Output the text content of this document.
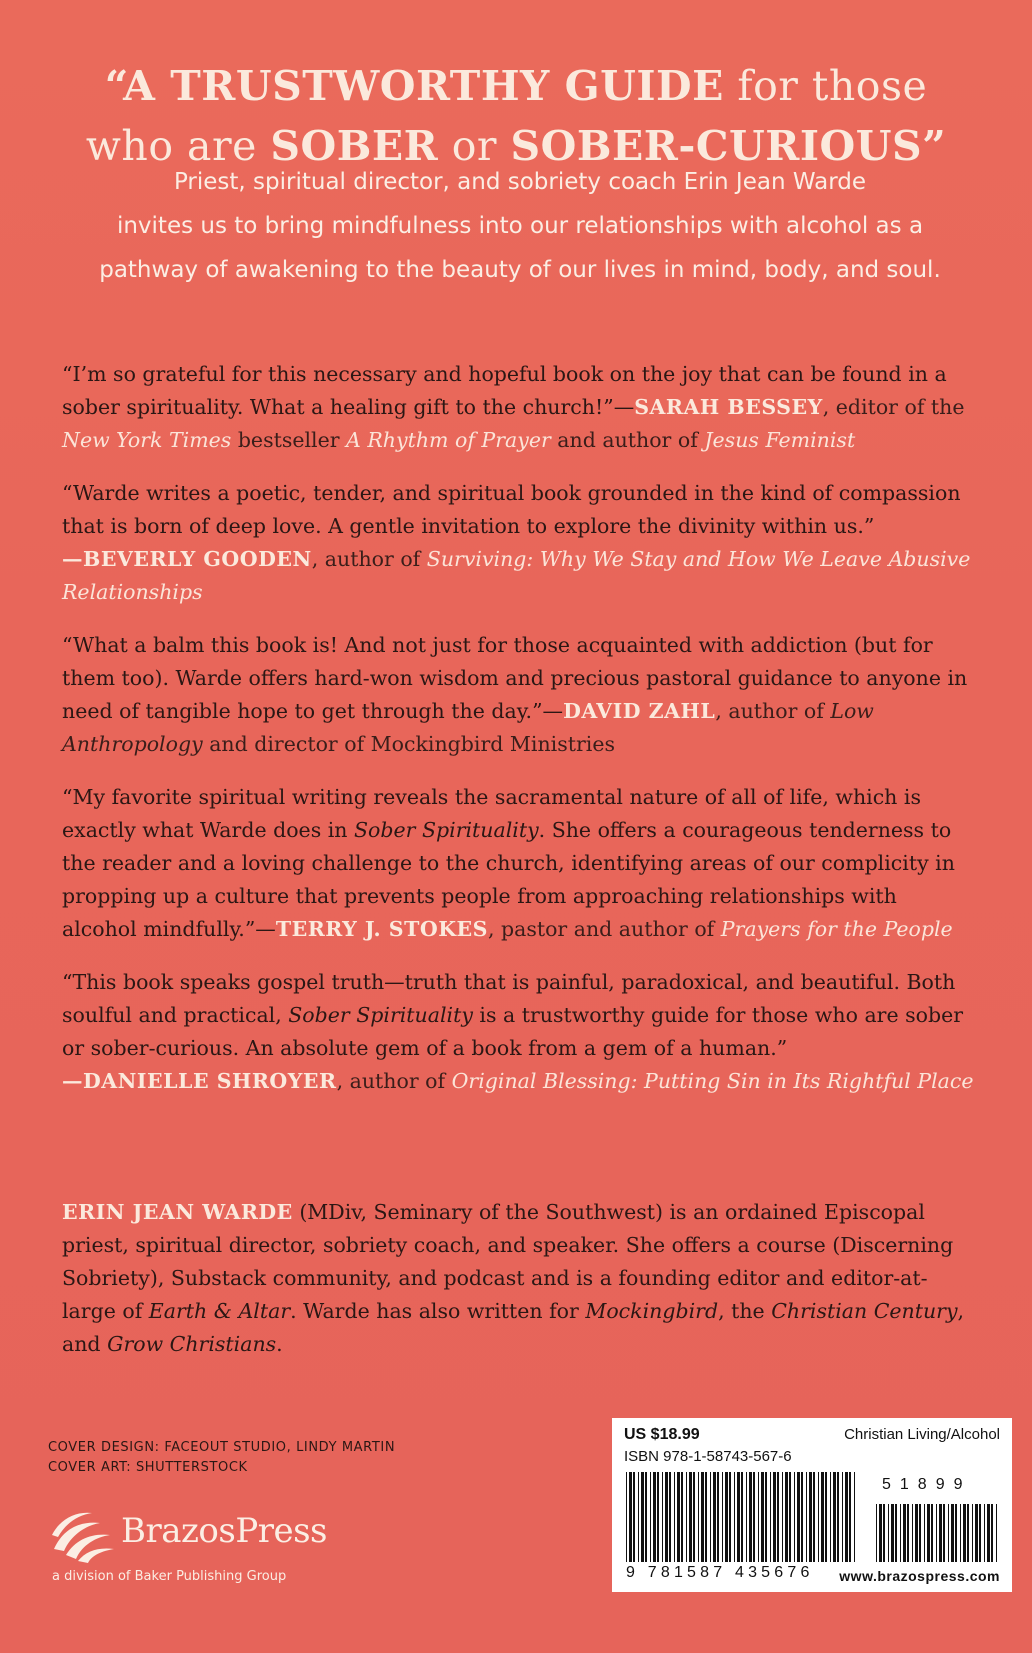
“A TRUSTWORTHY GUIDE for those
who are SOBER or SOBER-CURIOUS”
Priest, spiritual director, and sobriety coach Erin Jean Warde
invites us to bring mindfulness into our relationships with alcohol as a
pathway of awakening to the beauty of our lives in mind, body, and soul.

“I’m so grateful for this necessary and hopeful book on the joy that can be found in a sober spirituality. What a healing gift to the church!”—SARAH BESSEY, editor of the New York Times bestseller A Rhythm of Prayer and author of Jesus Feminist

“Warde writes a poetic, tender, and spiritual book grounded in the kind of compassion that is born of deep love. A gentle invitation to explore the divinity within us.”
—BEVERLY GOODEN, author of Surviving: Why We Stay and How We Leave Abusive Relationships

“What a balm this book is! And not just for those acquainted with addiction (but for them too). Warde offers hard-won wisdom and precious pastoral guidance to anyone in need of tangible hope to get through the day.”—DAVID ZAHL, author of Low Anthropology and director of Mockingbird Ministries

“My favorite spiritual writing reveals the sacramental nature of all of life, which is exactly what Warde does in Sober Spirituality. She offers a courageous tenderness to the reader and a loving challenge to the church, identifying areas of our complicity in propping up a culture that prevents people from approaching relationships with alcohol mindfully.”—TERRY J. STOKES, pastor and author of Prayers for the People

“This book speaks gospel truth—truth that is painful, paradoxical, and beautiful. Both soulful and practical, Sober Spirituality is a trustworthy guide for those who are sober or sober-curious. An absolute gem of a book from a gem of a human.”
—DANIELLE SHROYER, author of Original Blessing: Putting Sin in Its Rightful Place

ERIN JEAN WARDE (MDiv, Seminary of the Southwest) is an ordained Episcopal priest, spiritual director, sobriety coach, and speaker. She offers a course (Discerning Sobriety), Substack community, and podcast and is a founding editor and editor-at-large of Earth & Altar. Warde has also written for Mockingbird, the Christian Century, and Grow Christians.
COVER DESIGN: FACEOUT STUDIO, LINDY MARTIN
COVER ART: SHUTTERSTOCK
BrazosPress
a division of Baker Publishing Group
US $18.99	Christian Living/Alcohol
ISBN 978-1-58743-567-6
51899
9 781587 435676 www.brazospress.com
